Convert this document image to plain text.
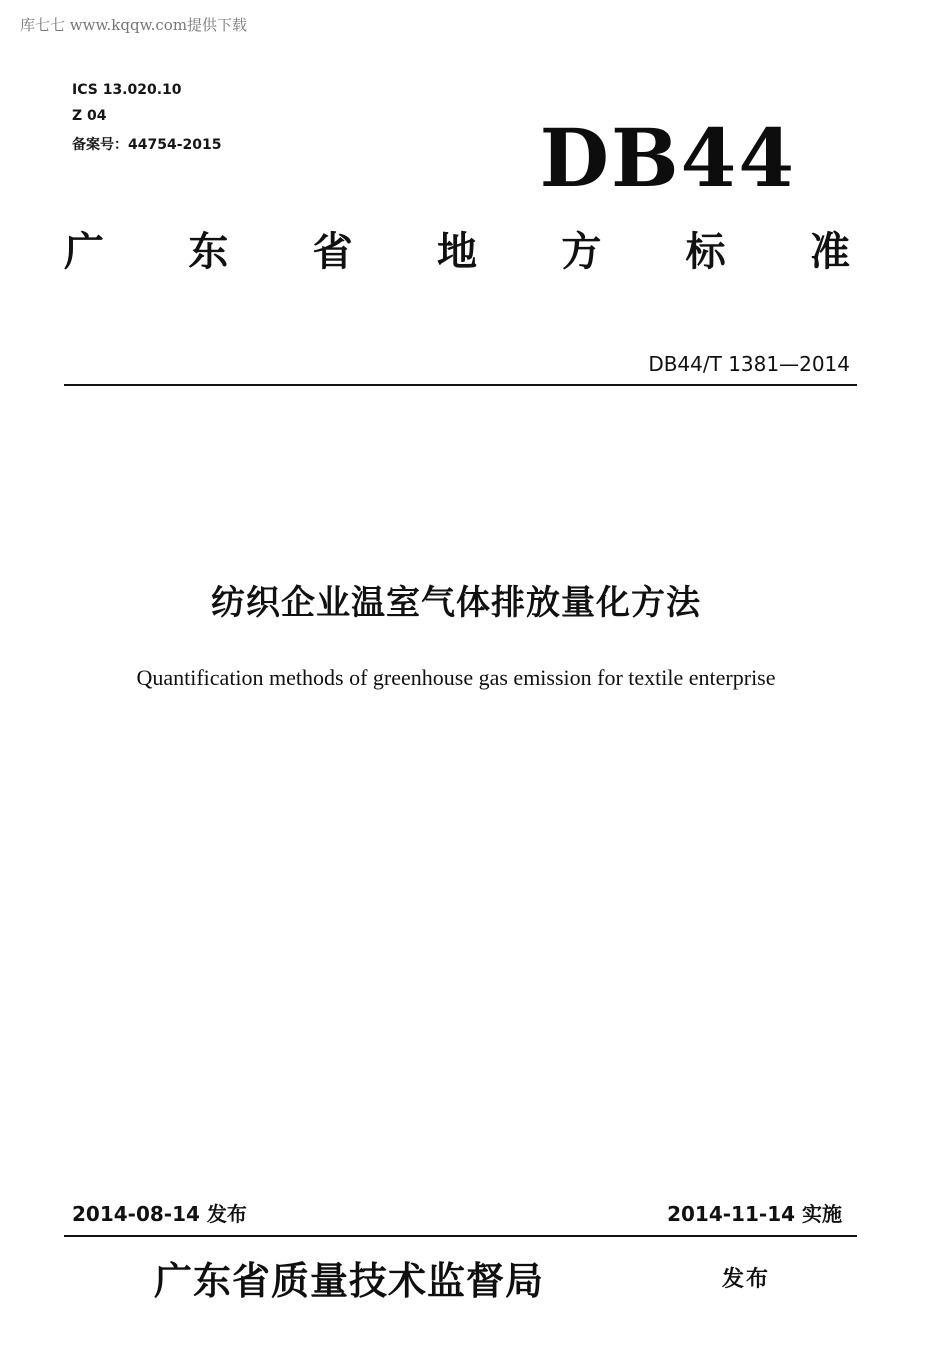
库七七 www.kqqw.com提供下载
ICS 13.020.10
Z 04
备案号：44754-2015	DB44
广 东 省 地 方 标 准
DB44/T 1381—2014
纺织企业温室气体排放量化方法
Quantification methods of greenhouse gas emission for textile enterprise
2014-08-14 发布	2014-11-14 实施
广东省质量技术监督局	发布
